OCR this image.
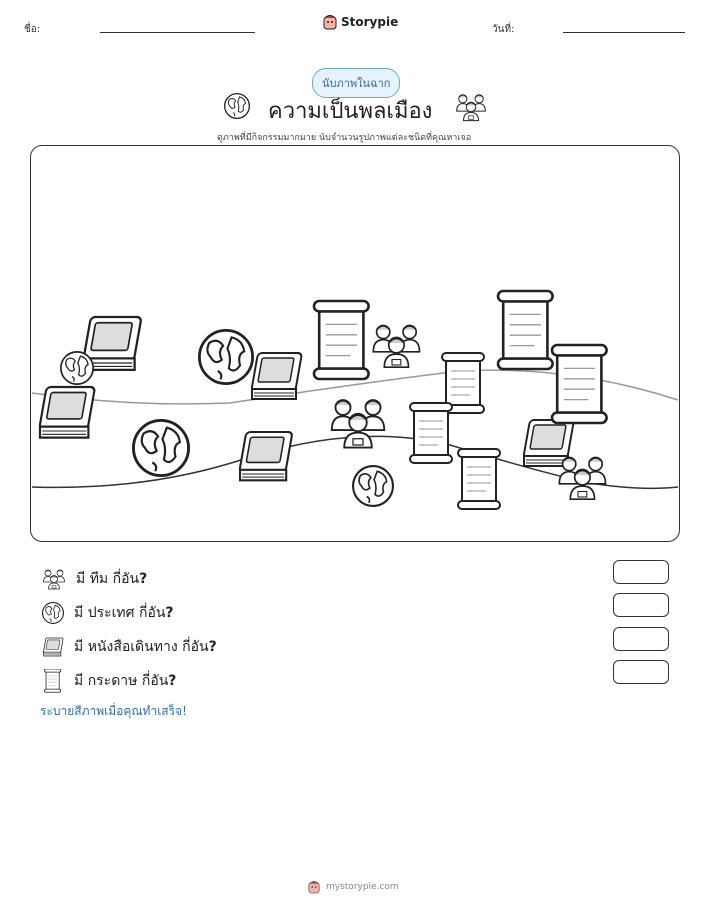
ชื่อ:
Storypie
วันที่:
นับภาพในฉาก
ความเป็นพลเมือง
ดูภาพที่มีกิจกรรมมากมาย นับจำนวนรูปภาพแต่ละชนิดที่คุณหาเจอ
มี ทีม กี่อัน?
มี ประเทศ กี่อัน?
มี หนังสือเดินทาง กี่อัน?
มี กระดาษ กี่อัน?
ระบายสีภาพเมื่อคุณทำเสร็จ!
mystorypie.com
